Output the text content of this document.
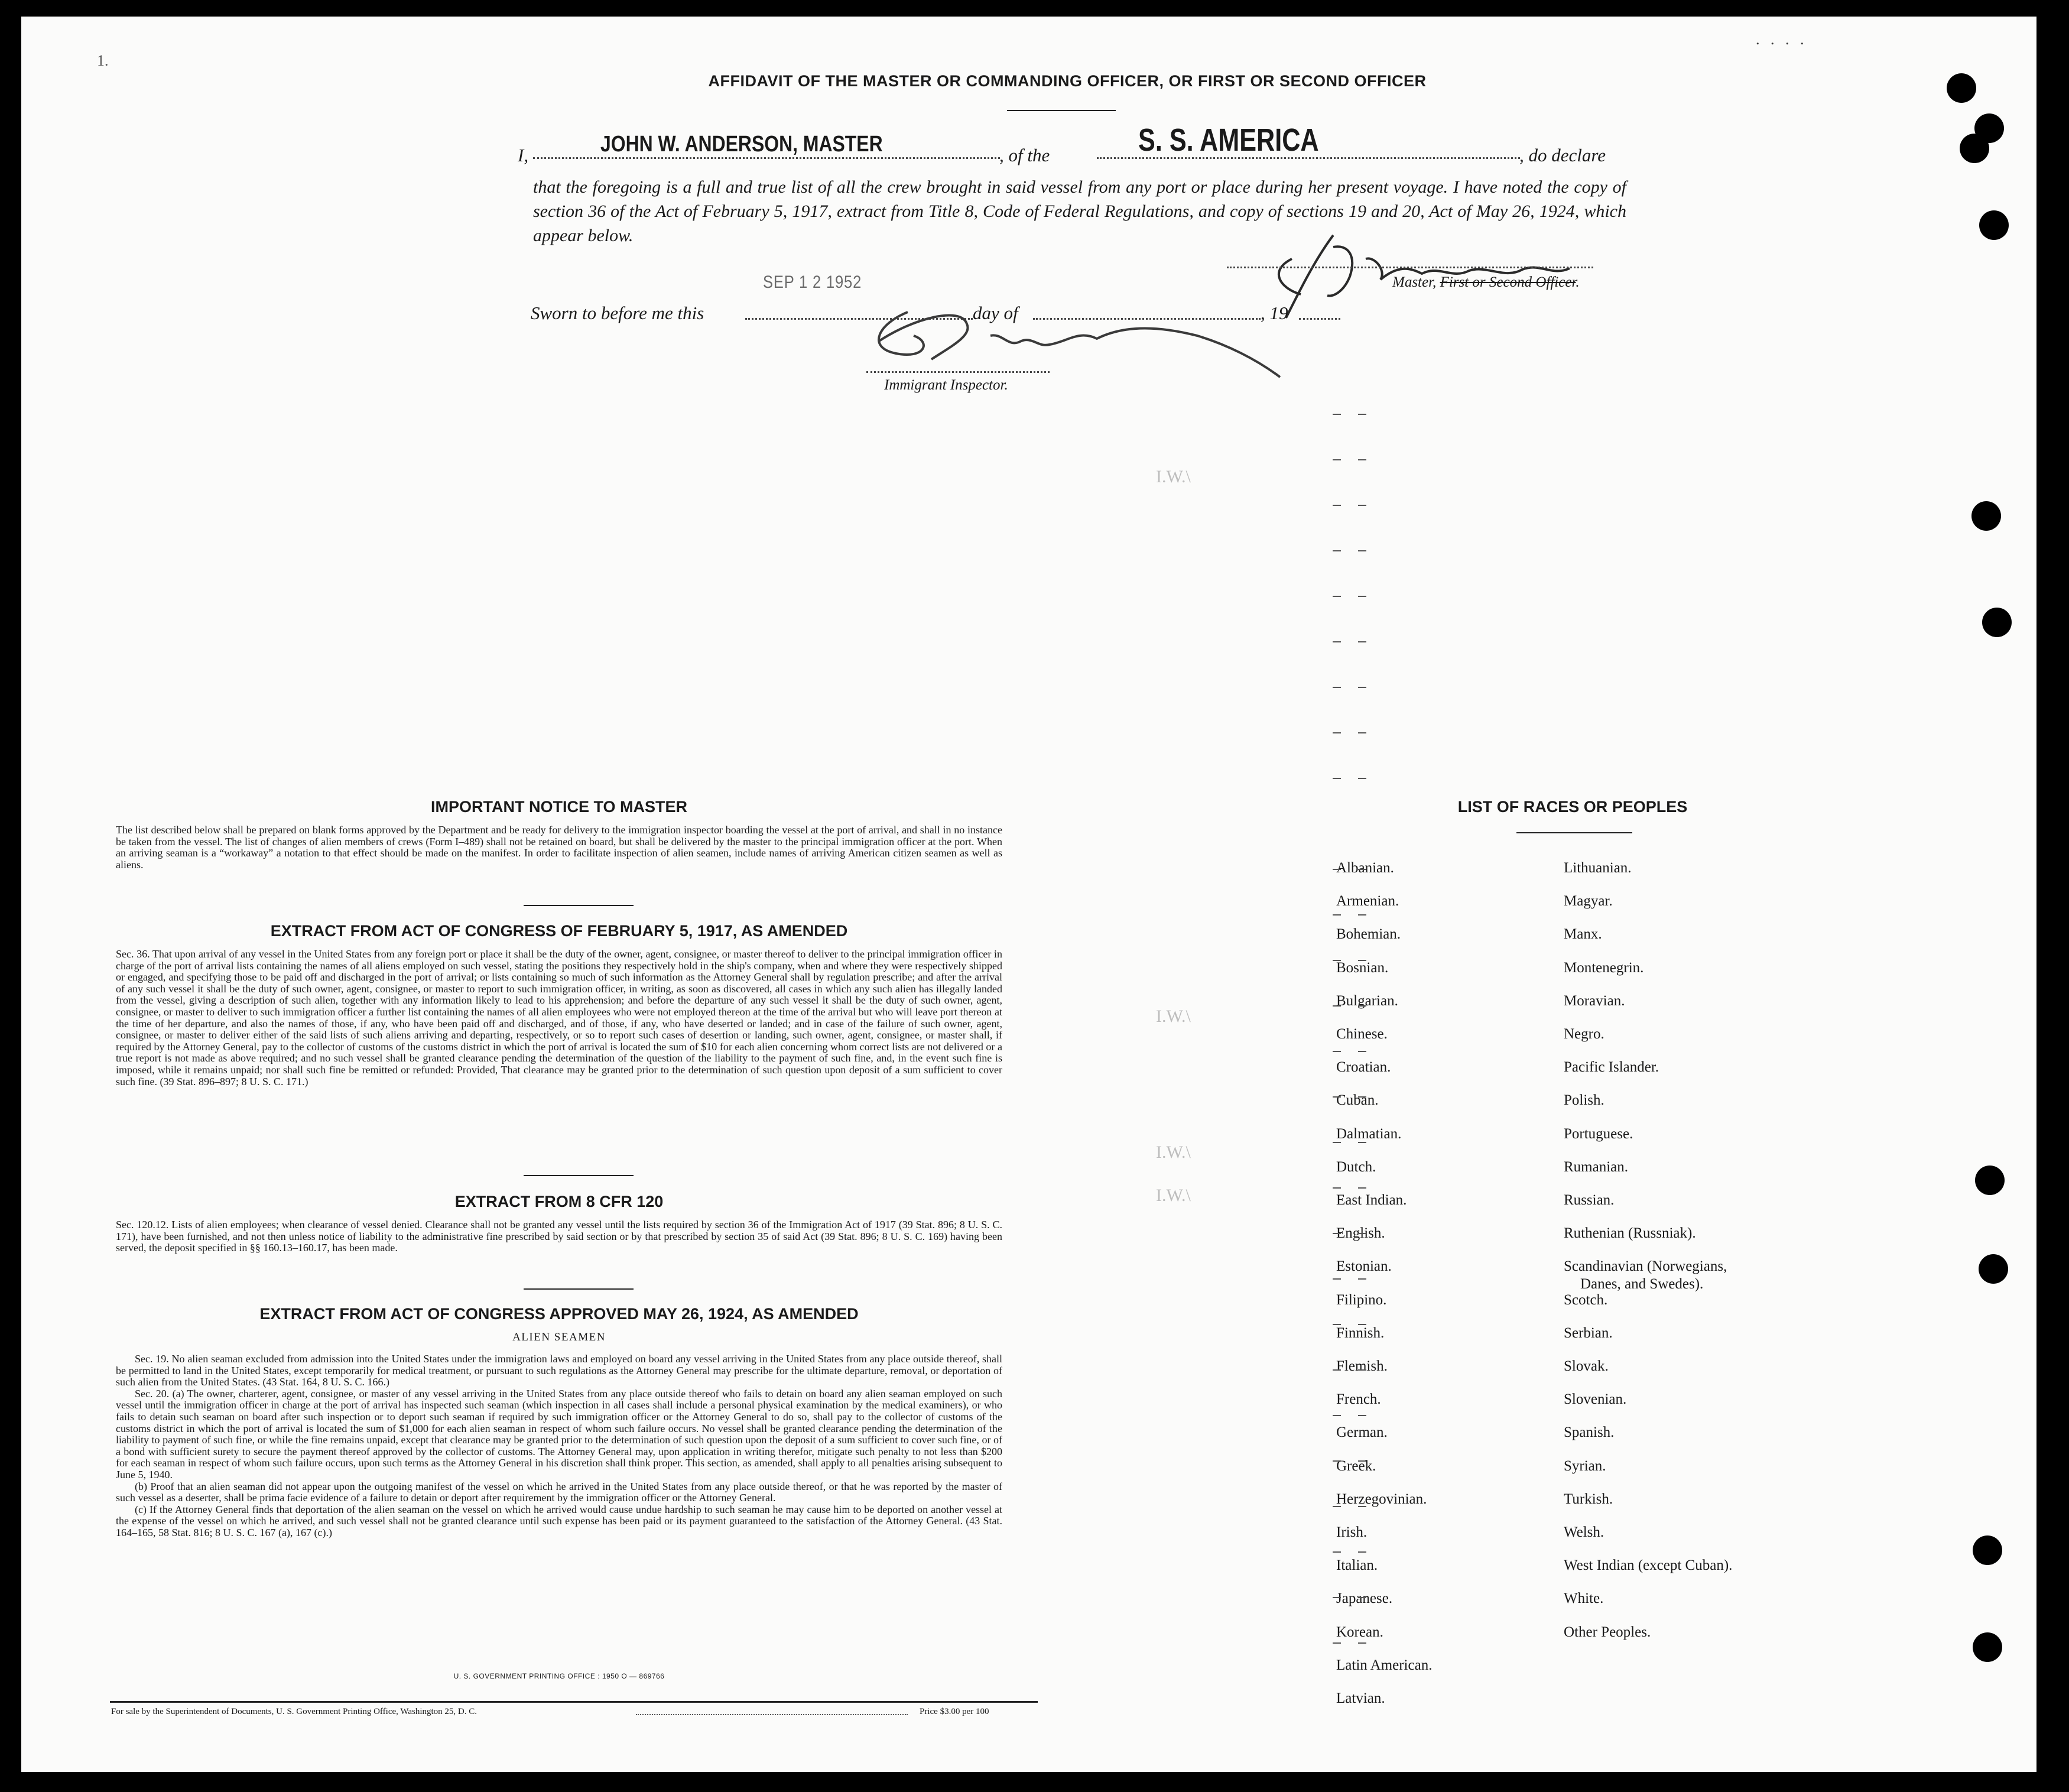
1.
. . . .
AFFIDAVIT OF THE MASTER OR COMMANDING OFFICER, OR FIRST OR SECOND OFFICER
I,	JOHN W. ANDERSON, MASTER	, of the	S. S. AMERICA	, do declare
that the foregoing is a full and true list of all the crew brought in said vessel from any port or place during her present voyage. I have noted the copy of section 36 of the Act of February 5, 1917, extract from Title 8, Code of Federal Regulations, and copy of sections 19 and 20, Act of May 26, 1924, which appear below.
Master, First or Second Officer.
SEP 1 2 1952
Sworn to before me this	day of	, 19
Immigrant Inspector.
IMPORTANT NOTICE TO MASTER
The list described below shall be prepared on blank forms approved by the Department and be ready for delivery to the immigration inspector boarding the vessel at the port of arrival, and shall in no instance be taken from the vessel. The list of changes of alien members of crews (Form I–489) shall not be retained on board, but shall be delivered by the master to the principal immigration officer at the port. When an arriving seaman is a “workaway” a notation to that effect should be made on the manifest. In order to facilitate inspection of alien seamen, include names of arriving American citizen seamen as well as aliens.
EXTRACT FROM ACT OF CONGRESS OF FEBRUARY 5, 1917, AS AMENDED
Sec. 36. That upon arrival of any vessel in the United States from any foreign port or place it shall be the duty of the owner, agent, consignee, or master thereof to deliver to the principal immigration officer in charge of the port of arrival lists containing the names of all aliens employed on such vessel, stating the positions they respectively hold in the ship's company, when and where they were respectively shipped or engaged, and specifying those to be paid off and discharged in the port of arrival; or lists containing so much of such information as the Attorney General shall by regulation prescribe; and after the arrival of any such vessel it shall be the duty of such owner, agent, consignee, or master to report to such immigration officer, in writing, as soon as discovered, all cases in which any such alien has illegally landed from the vessel, giving a description of such alien, together with any information likely to lead to his apprehension; and before the departure of any such vessel it shall be the duty of such owner, agent, consignee, or master to deliver to such immigration officer a further list containing the names of all alien employees who were not employed thereon at the time of the arrival but who will leave port thereon at the time of her departure, and also the names of those, if any, who have been paid off and discharged, and of those, if any, who have deserted or landed; and in case of the failure of such owner, agent, consignee, or master to deliver either of the said lists of such aliens arriving and departing, respectively, or so to report such cases of desertion or landing, such owner, agent, consignee, or master shall, if required by the Attorney General, pay to the collector of customs of the customs district in which the port of arrival is located the sum of $10 for each alien concerning whom correct lists are not delivered or a true report is not made as above required; and no such vessel shall be granted clearance pending the determination of the question of the liability to the payment of such fine, and, in the event such fine is imposed, while it remains unpaid; nor shall such fine be remitted or refunded: Provided, That clearance may be granted prior to the determination of such question upon deposit of a sum sufficient to cover such fine. (39 Stat. 896–897; 8 U. S. C. 171.)
EXTRACT FROM 8 CFR 120
Sec. 120.12. Lists of alien employees; when clearance of vessel denied. Clearance shall not be granted any vessel until the lists required by section 36 of the Immigration Act of 1917 (39 Stat. 896; 8 U. S. C. 171), have been furnished, and not then unless notice of liability to the administrative fine prescribed by said section or by that prescribed by section 35 of said Act (39 Stat. 896; 8 U. S. C. 169) having been served, the deposit specified in §§ 160.13–160.17, has been made.
EXTRACT FROM ACT OF CONGRESS APPROVED MAY 26, 1924, AS AMENDED
ALIEN SEAMEN
Sec. 19. No alien seaman excluded from admission into the United States under the immigration laws and employed on board any vessel arriving in the United States from any place outside thereof, shall be permitted to land in the United States, except temporarily for medical treatment, or pursuant to such regulations as the Attorney General may prescribe for the ultimate departure, removal, or deportation of such alien from the United States. (43 Stat. 164, 8 U. S. C. 166.)
Sec. 20. (a) The owner, charterer, agent, consignee, or master of any vessel arriving in the United States from any place outside thereof who fails to detain on board any alien seaman employed on such vessel until the immigration officer in charge at the port of arrival has inspected such seaman (which inspection in all cases shall include a personal physical examination by the medical examiners), or who fails to detain such seaman on board after such inspection or to deport such seaman if required by such immigration officer or the Attorney General to do so, shall pay to the collector of customs of the customs district in which the port of arrival is located the sum of $1,000 for each alien seaman in respect of whom such failure occurs. No vessel shall be granted clearance pending the determination of the liability to payment of such fine, or while the fine remains unpaid, except that clearance may be granted prior to the determination of such question upon the deposit of a sum sufficient to cover such fine, or of a bond with sufficient surety to secure the payment thereof approved by the collector of customs. The Attorney General may, upon application in writing therefor, mitigate such penalty to not less than $200 for each seaman in respect of whom such failure occurs, upon such terms as the Attorney General in his discretion shall think proper. This section, as amended, shall apply to all penalties arising subsequent to June 5, 1940.
(b) Proof that an alien seaman did not appear upon the outgoing manifest of the vessel on which he arrived in the United States from any place outside thereof, or that he was reported by the master of such vessel as a deserter, shall be prima facie evidence of a failure to detain or deport after requirement by the immigration officer or the Attorney General.
(c) If the Attorney General finds that deportation of the alien seaman on the vessel on which he arrived would cause undue hardship to such seaman he may cause him to be deported on another vessel at the expense of the vessel on which he arrived, and such vessel shall not be granted clearance until such expense has been paid or its payment guaranteed to the satisfaction of the Attorney General. (43 Stat. 164–165, 58 Stat. 816; 8 U. S. C. 167 (a), 167 (c).)
U. S. GOVERNMENT PRINTING OFFICE : 1950 O — 869766
For sale by the Superintendent of Documents, U. S. Government Printing Office, Washington 25, D. C.	Price $3.00 per 100
LIST OF RACES OR PEOPLES
Albanian.
Armenian.
Bohemian.
Bosnian.
Bulgarian.
Chinese.
Croatian.
Cuban.
Dalmatian.
Dutch.
East Indian.
English.
Estonian.
Filipino.
Finnish.
Flemish.
French.
German.
Greek.
Herzegovinian.
Irish.
Italian.
Japanese.
Korean.
Latin American.
Latvian.
Lithuanian.
Magyar.
Manx.
Montenegrin.
Moravian.
Negro.
Pacific Islander.
Polish.
Portuguese.
Rumanian.
Russian.
Ruthenian (Russniak).
Scandinavian (Norwegians,
Danes, and Swedes).
Scotch.
Serbian.
Slovak.
Slovenian.
Spanish.
Syrian.
Turkish.
Welsh.
West Indian (except Cuban).
White.
Other Peoples.
I.W.\
I.W.\
I.W.\
I.W.\
